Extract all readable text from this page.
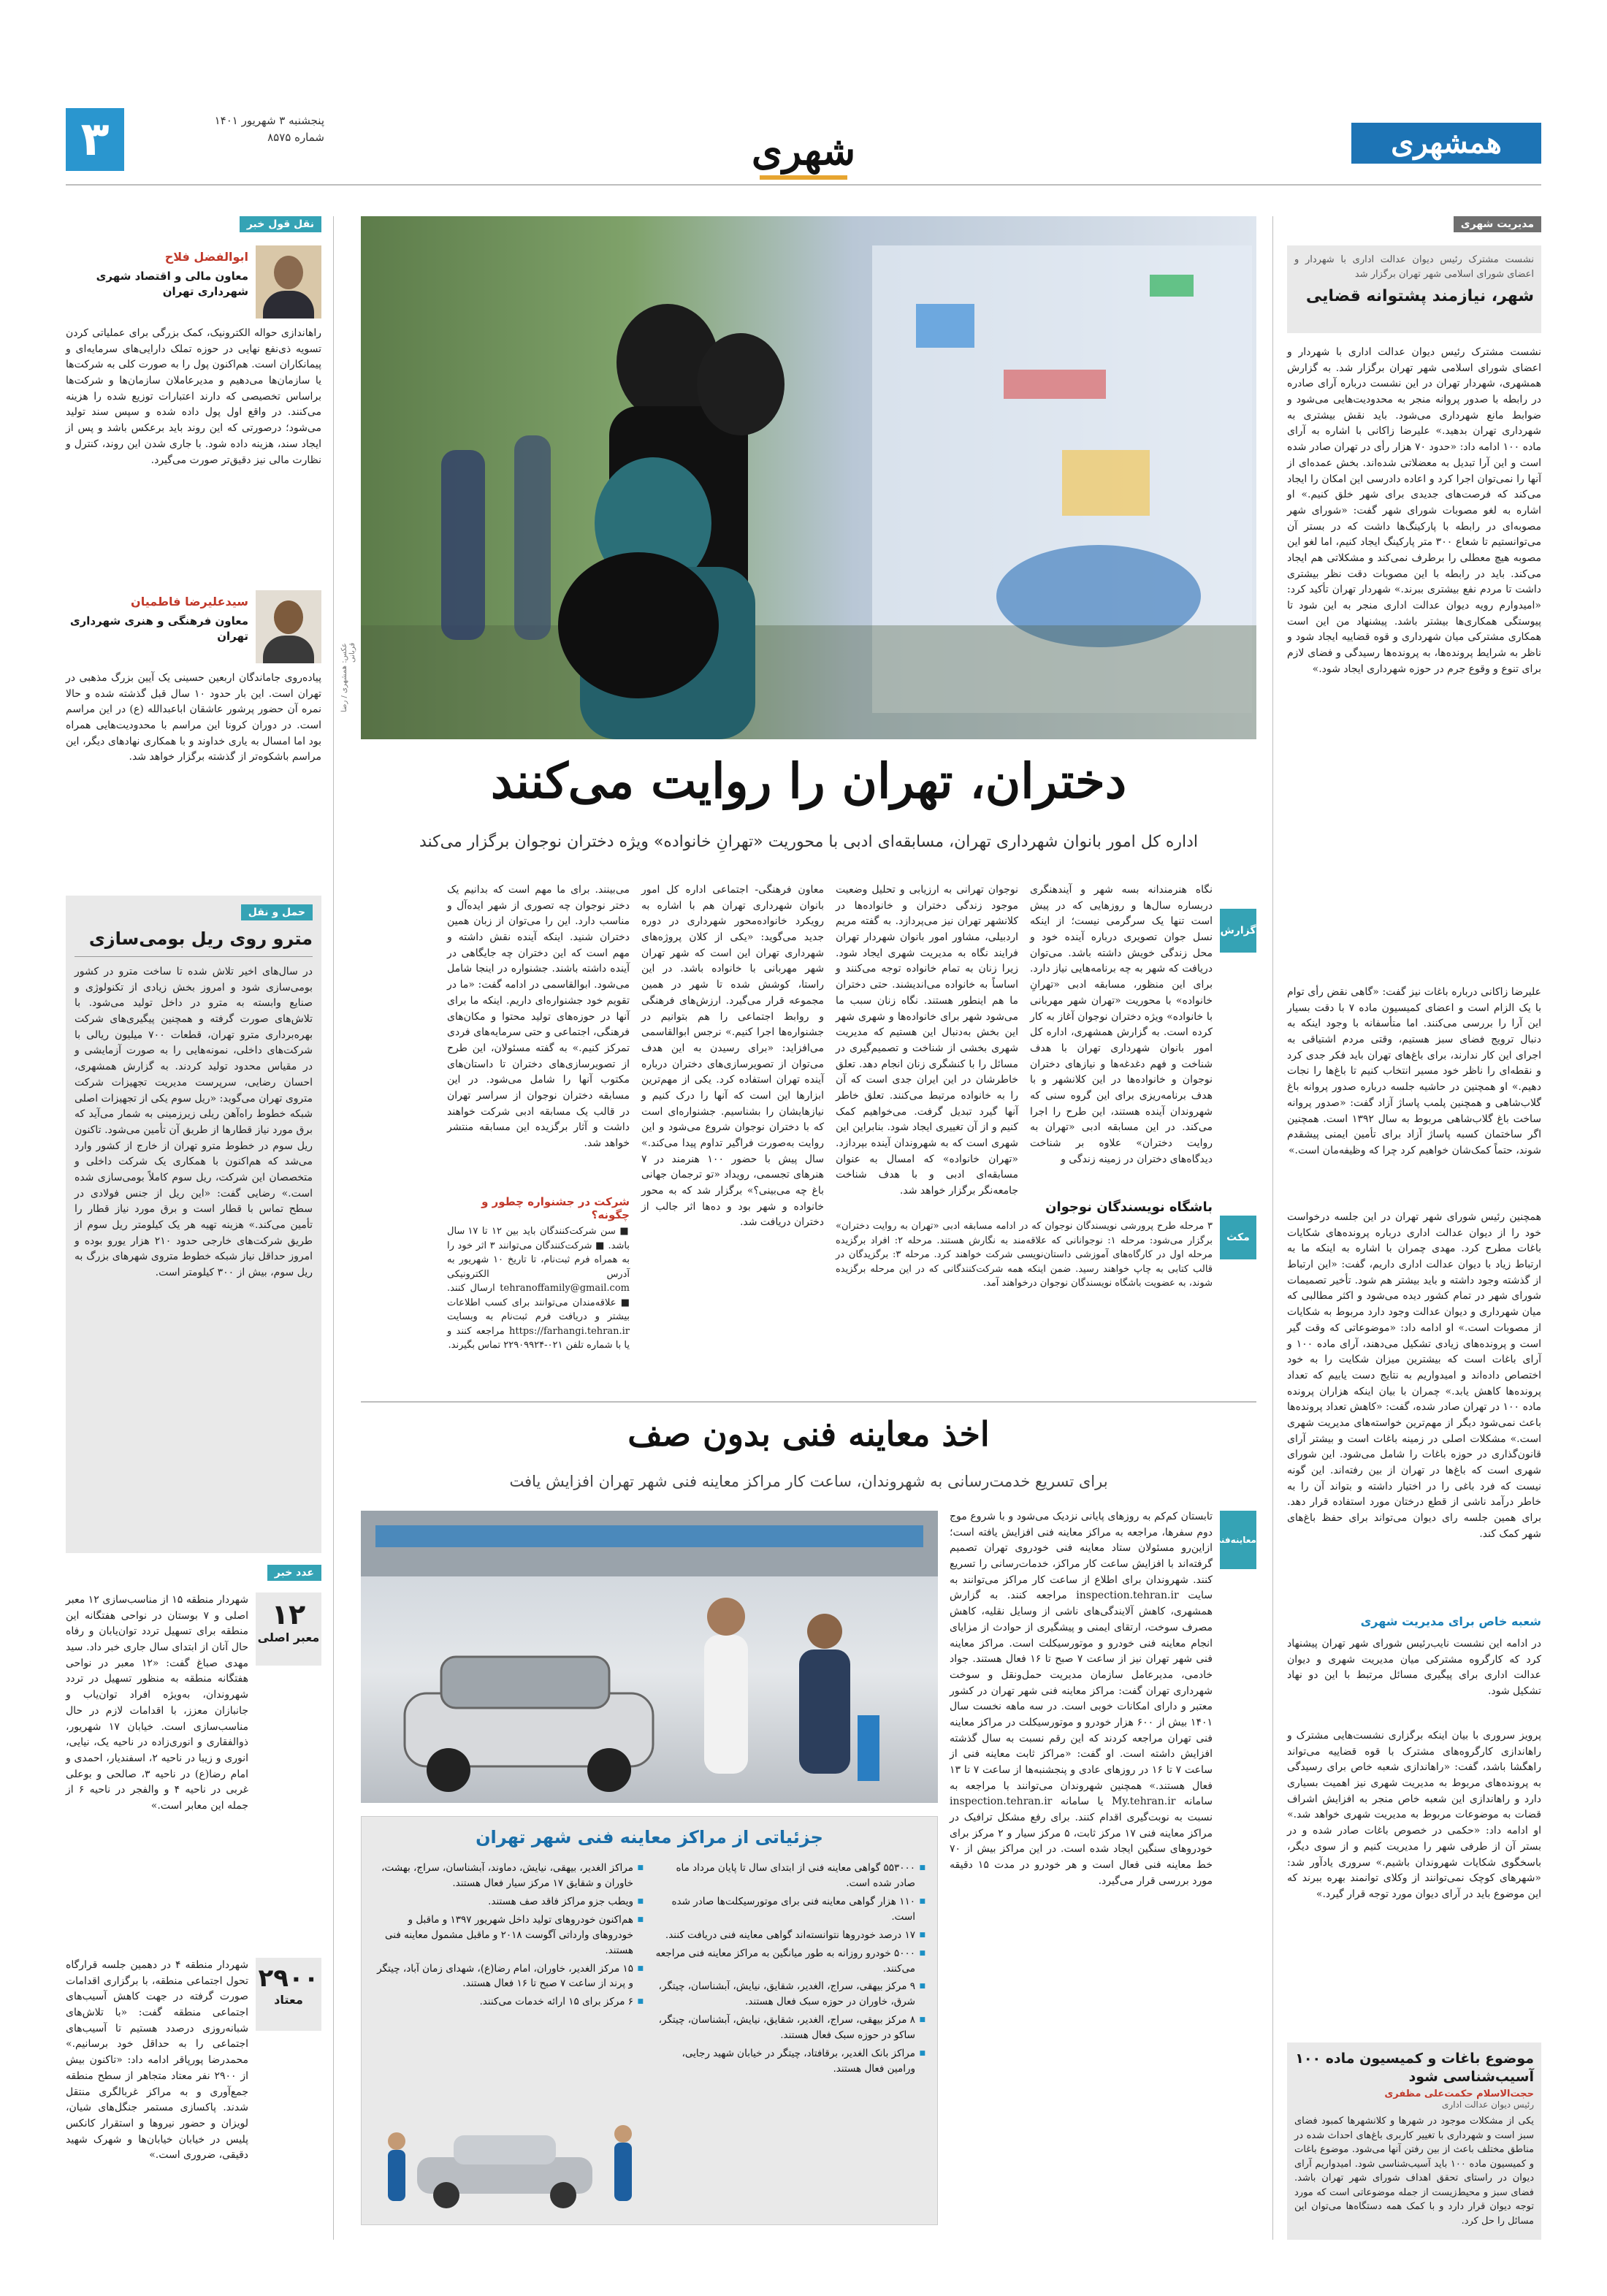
۳	پنجشنبه ۳ شهریور ۱۴۰۱
شماره ۸۵۷۵	شهری	همشهری
مدیریت شهری

نشست مشترک رئیس دیوان عدالت اداری با شهردار و اعضای شورای اسلامی شهر تهران برگزار شد

شهر، نیازمند پشتوانه قضایی

نشست مشترک رئیس دیوان عدالت اداری با شهردار و اعضای شورای اسلامی شهر تهران برگزار شد. به گزارش همشهری، شهردار تهران در این نشست درباره آرای صادره در رابطه با صدور پروانه منجر به محدودیت‌هایی می‌شود و ضوابط مانع شهرداری می‌شود. باید نقش بیشتری به شهرداری تهران بدهید.» علیرضا زاکانی با اشاره به آرای ماده ۱۰۰ ادامه داد: «حدود ۷۰ هزار رأی در تهران صادر شده است و این آرا تبدیل به معضلاتی شده‌اند. بخش عمده‌ای از آنها را نمی‌توان اجرا کرد و اعاده دادرسی این امکان را ایجاد می‌کند که فرصت‌های جدیدی برای شهر خلق کنیم.» او اشاره به لغو مصوبات شورای شهر گفت: «شورای شهر مصوبه‌ای در رابطه با پارکینگ‌ها داشت که در بستر آن می‌توانستیم تا شعاع ۳۰۰ متر پارکینگ ایجاد کنیم، اما لغو این مصوبه هیچ معطلی را برطرف نمی‌کند و مشکلاتی هم ایجاد می‌کند. باید در رابطه با این مصوبات دقت نظر بیشتری داشت تا مردم نفع بیشتری ببرند.» شهردار تهران تأکید کرد: «امیدوارم رویه دیوان عدالت اداری منجر به این شود تا پیوستگی همکاری‌ها بیشتر باشد. پیشنهاد من این است همکاری مشترکی میان شهرداری و قوه قضاییه ایجاد شود و ناظر به شرایط پرونده‌ها، به پرونده‌ها رسیدگی و فضای لازم برای تنوع و وقوع جرم در حوزه شهرداری ایجاد شود.»

علیرضا زاکانی درباره باغات نیز گفت: «گاهی نقض رأی توام با یک الزام است و اعضای کمیسیون ماده ۷ با دقت بسیار این آرا را بررسی می‌کنند. اما متأسفانه با وجود اینکه به دنبال ترویج فضای سبز هستیم، وقتی مردم اشتیاقی به اجرای این کار ندارند، برای باغ‌های تهران باید فکر جدی کرد و نقطه‌ای را ناظر خود مسیر انتخاب کنیم تا باغ‌ها را نجات دهیم.» او همچنین در حاشیه جلسه درباره صدور پروانه باغ گلاب‌شاهی و همچنین پلمب پاساژ آزاد گفت: «صدور پروانه ساخت باغ گلاب‌شاهی مربوط به سال ۱۳۹۲ است. همچنین اگر ساختمان کسبه پاساژ آزاد برای تأمین ایمنی پیشقدم شوند، حتماً کمک‌شان خواهیم کرد چرا که وظیفه‌مان است.»

همچنین رئیس شورای شهر تهران در این جلسه درخواست خود را از دیوان عدالت اداری درباره پرونده‌های شکایات باغات مطرح کرد. مهدی چمران با اشاره به اینکه ما به ارتباط زیاد با دیوان عدالت اداری داریم، گفت: «این ارتباط از گذشته وجود داشته و باید بیشتر هم شود. تأخیر تصمیمات شورای شهر در تمام کشور دیده می‌شود و اکثر مطالبی که میان شهرداری و دیوان عدالت وجود دارد مربوط به شکایات از مصوبات است.» او ادامه داد: «موضوعاتی که وقت گیر است و پرونده‌های زیادی تشکیل می‌دهند، آرای ماده ۱۰۰ و آرای باغات است که بیشترین میزان شکایت را به خود اختصاص داده‌اند و امیدواریم به نتایج دست یابیم که تعداد پرونده‌ها کاهش یابد.» چمران با بیان اینکه هزاران پرونده ماده ۱۰۰ در تهران صادر شده، گفت: «کاهش تعداد پرونده‌ها باعث نمی‌شود دیگر از مهم‌ترین خواسته‌های مدیریت شهری است.» مشکلات اصلی در زمینه باغات است و بیشتر آرای قانون‌گذاری در حوزه باغات را شامل می‌شود. این شورای شهری است که باغ‌ها در تهران از بین رفته‌اند. این گونه نیست که فرد باغی را در اختیار داشته و بتواند آن را به خاطر درآمد ناشی از قطع درختان مورد استفاده قرار دهد. برای همین جلسه رای دیوان می‌تواند برای حفظ باغ‌های شهر کمک کند.

شعبه خاص برای مدیریت شهری

در ادامه این نشست نایب‌رئیس شورای شهر تهران پیشنهاد کرد که کارگروه مشترکی میان مدیریت شهری و دیوان عدالت اداری برای پیگیری مسائل مرتبط با این دو نهاد تشکیل شود.

پرویز سروری با بیان اینکه برگزاری نشست‌هایی مشترک و راهاندازی کارگروه‌های مشترک با قوه قضاییه می‌تواند راهگشا باشد، گفت: «راهاندازی شعبه خاص برای رسیدگی به پرونده‌های مربوط به مدیریت شهری نیز اهمیت بسیاری دارد و راهاندازی این شعبه خاص منجر به افزایش اشراف قضات به موضوعات مربوط به مدیریت شهری خواهد شد.» او ادامه داد: «حکمی در خصوص باغات صادر شده و در بستر آن از طرفی شهر را مدیریت کنیم و از سوی دیگر، باسخگوی شکایات شهروندان باشیم.» سروری یادآور شد: «شهرهای کوچک نمی‌توانند از وکلای توانمند بهره ببرند که این موضوع باید در آرای دیوان مورد توجه قرار گیرد.»

موضوع باغات و کمیسیون ماده ۱۰۰ آسیب‌شناسی شود
حجت‌الاسلام حکمت‌علی مظفری
رئیس دیوان عدالت اداری

یکی از مشکلات موجود در شهرها و کلانشهرها کمبود فضای سبز است و شهرداری با تغییر کاربری باغ‌های احداث شده در مناطق مختلف باعث از بین رفتن آنها می‌شود. موضوع باغات و کمیسیون ماده ۱۰۰ باید آسیب‌شناسی شود. امیدواریم آرای دیوان در راستای تحقق اهداف شورای شهر تهران باشد. فضای سبز و محیط‌زیست از جمله موضوعاتی است که مورد توجه دیوان قرار دارد و با کمک همه دستگاه‌ها می‌توان این مسائل را حل کرد.

نقل قول خبر
ابوالفضل فلاح
معاون مالی و اقتصاد شهری شهرداری تهران

راهاندازی حواله الکترونیک، کمک بزرگی برای عملیاتی کردن تسویه ذی‌نفع نهایی در حوزه تملک دارایی‌های سرمایه‌ای و پیمانکاران است. هم‌اکنون پول را به صورت کلی به شرکت‌ها یا سازمان‌ها می‌دهیم و مدیرعاملان سازمان‌ها و شرکت‌ها براساس تخصیصی که دارند اعتبارات توزیع شده را هزینه می‌کنند. در واقع اول پول داده شده و سپس سند تولید می‌شود؛ درصورتی که این روند باید برعکس باشد و پس از ایجاد سند، هزینه داده شود. با جاری شدن این روند، کنترل و نظارت مالی نیز دقیق‌تر صورت می‌گیرد.

سیدعلیرضا فاطمیان
معاون فرهنگی و هنری شهرداری تهران

پیاده‌روی جاماندگان اربعین حسینی یک آیین بزرگ مذهبی در تهران است. این بار حدود ۱۰ سال قبل گذشته شده و حالا نمره آن حضور پرشور عاشقان اباعبدالله (ع) در این مراسم است. در دوران کرونا این مراسم با محدودیت‌هایی همراه بود اما امسال به یاری خداوند و با همکاری نهادهای دیگر، این مراسم باشکوه‌تر از گذشته برگزار خواهد شد.

حمل و نقل
مترو روی ریل بومی‌سازی

در سال‌های اخیر تلاش شده تا ساخت مترو در کشور بومی‌سازی شود و امروز بخش زیادی از تکنولوژی و صنایع وابسته به مترو در داخل تولید می‌شود. با تلاش‌های صورت گرفته و همچنین پیگیری‌های شرکت بهره‌برداری مترو تهران، قطعات ۷۰۰ میلیون ریالی با شرکت‌های داخلی، نمونه‌هایی را به صورت آزمایشی و در مقیاس محدود تولید کردند. به گزارش همشهری، احسان رضایی، سرپرست مدیریت تجهیزات شرکت متروی تهران می‌گوید: «ریل سوم یکی از تجهیزات اصلی شبکه خطوط راه‌آهن ریلی زیرزمینی به شمار می‌آید که برق مورد نیاز قطارها از طریق آن تأمین می‌شود. تاکنون ریل سوم در خطوط مترو تهران از خارج از کشور وارد می‌شد که هم‌اکنون با همکاری یک شرکت داخلی و متخصصان این شرکت، ریل سوم کاملاً بومی‌سازی شده است.» رضایی گفت: «این ریل از جنس فولادی در سطح تماس با قطار است و برق مورد نیاز قطار را تأمین می‌کند.» هزینه تهیه هر یک کیلومتر ریل سوم از طریق شرکت‌های خارجی حدود ۲۱۰ هزار یورو بوده و امروز حداقل نیاز شبکه خطوط متروی شهرهای بزرگ به ریل سوم، بیش از ۳۰۰ کیلومتر است.

عدد خبر
۱۲
معبر اصلی

شهردار منطقه ۱۵ از مناسب‌سازی ۱۲ معبر اصلی و ۷ بوستان در نواحی هفتگانه این منطقه برای تسهیل تردد توان‌یابان و رفاه حال آنان از ابتدای سال جاری خبر داد. سید مهدی صباغ گفت: «۱۲ معبر در نواحی هفتگانه منطقه به منظور تسهیل در تردد شهروندان، به‌ویژه افراد توان‌یاب و جانبازان معزز، با اقدامات لازم در حال مناسب‌سازی است. خیابان ۱۷ شهریور، ذوالفقاری و انوری‌زاده در ناحیه یک، نیایی، انوری و زیبا در ناحیه ۲، اسفندیار، احمدی و امام رضا(ع) در ناحیه ۳، صالحی و بوعلی غربی در ناحیه ۴ و والفجر در ناحیه ۶ از جمله این معابر است.»

۲۹۰۰
معتاد

شهردار منطقه ۴ در دهمین جلسه قرارگاه تحول اجتماعی منطقه، با برگزاری اقدامات صورت گرفته در جهت کاهش آسیب‌های اجتماعی منطقه گفت: «با تلاش‌های شبانه‌روزی درصدد هستیم تا آسیب‌های اجتماعی را به حداقل خود برسانیم.» محمدرضا پورپاقر ادامه داد: «تاکنون بیش از ۲۹۰۰ نفر معتاد متجاهر از سطح منطقه جمع‌آوری و به مراکز غربالگری منتقل شدند. پاکسازی مستمر جنگل‌های شیان، لویزان و حضور نیروها و استقرار کانکس پلیس در خیابان خیابان‌ها و شهرک شهید دقیقی، ضروری است.»

عکس: همشهری / رضا قربانی
دختران، تهران را روایت می‌کنند
اداره کل امور بانوان شهرداری تهران، مسابقه‌ای ادبی با محوریت «تهرانِ خانواده» ویژه دختران نوجوان برگزار می‌کند
گزارش
مکث

نگاه هنرمندانه بسه شهر و آیندهنگری دربسار‌ه سال‌ها و روزهایی که در پیش است تنها یک سرگرمی نیست؛ از اینکه نسل جوان تصویری درباره آینده خود و محل زندگی خویش داشته باشد. می‌توان دریافت که شهر به چه برنامه‌هایی نیاز دارد. برای این منظور، مسابقه ادبی «تهرانِ خانواده» با محوریت «تهران شهر مهربانی با خانواده» ویژه دختران نوجوان آغاز به کار کرده است. به گزارش همشهری، اداره کل امور بانوان شهرداری تهران با هدف شناخت و فهم دغدغه‌ها و نیازهای دختران نوجوان و خانواده‌ها در این کلانشهر و با هدف برنامه‌ریزی برای این گروه سنی که شهروندان آینده هستند، این طرح را اجرا می‌کند. در این مسابقه ادبی «تهران به روایت دختران» علاوه بر شناخت دیدگاه‌های دختران در زمینه زندگی و

نوجوان تهرانی به ارزیابی و تحلیل وضعیت موجود زندگی دختران و خانواده‌ها در کلانشهر تهران نیز می‌پردازد. به گفته مریم اردبیلی، مشاور امور بانوان شهردار تهران فرایند نگاه به مدیریت شهری ایجاد شود. زیرا زنان به تمام خانواده توجه می‌کنند و اساساً به خانواده می‌اندیشند. حتی دختران ما هم اینطور هستند. نگاه زنان سبب ما می‌شود شهر برای خانواده‌ها و شهری شهر این بخش به‌دنبال این هستیم که مدیریت شهری بخشی از شناخت و تصمیم‌گیری در مسائل را با کنشگری زنان انجام دهد. تعلق خاطرشان در این ایران جدی است که آن را به خانواده مرتبط می‌کنند. تعلق خاطر آنها گیرد تبدیل گرفت. می‌خواهیم کمک کنیم و از آن تغییری ایجاد شود. بنابراین این شهری است که به شهروندان آینده بپردازد. «تهران خانواده» که امسال به عنوان مسابقه‌ای ادبی و با هدف شناخت جامعه‌نگر برگزار خواهد شد.

معاون فرهنگی- اجتماعی اداره کل امور بانوان شهرداری تهران هم با اشاره به رویکرد خانواده‌محور شهرداری در دوره جدید می‌گوید: «یکی از کلان پروژه‌های شهرداری تهران این است که شهر تهران شهر مهربانی با خانواده باشد. در این راستا، کوشش شده تا شهر در همین مجموعه قرار می‌گیرد. ارزش‌های فرهنگی و روابط اجتماعی را هم بتوانیم در جشنواره‌ها اجرا کنیم.» نرجس ابوالقاسمی می‌افزاید: «برای رسیدن به این هدف می‌توان از تصویرسازی‌های دختران درباره آینده تهران استفاده کرد. یکی از مهم‌ترین ابزارها این است که آنها را درک کنیم و نیازهایشان را بشناسیم. جشنواره‌ای است که با دختران نوجوان شروع می‌شود و این روایت به‌صورت فراگیر تداوم پیدا می‌کند.» سال پیش با حضور ۱۰۰ هنرمند در ۷ هنرهای تجسمی، رویداد «تو ترجمان جهانی باغ چه می‌بینی؟» برگزار شد که به محور خانواده و شهر بود و ده‌ها اثر جالب از دختران دریافت شد.

می‌بینند. برای ما مهم است که بدانیم یک دختر نوجوان چه تصوری از شهر ایده‌آل و مناسب دارد. این را می‌توان از زبان همین دختران شنید. اینکه آینده نقش داشته و مهم است که این دختران چه جایگاهی در آینده داشته باشند. جشنواره در اینجا شامل می‌شود. ابوالقاسمی در ادامه گفت: «ما در تقویم خود جشنواره‌ای داریم. اینکه ما برای آنها در حوزه‌های تولید محتوا و مکان‌های فرهنگی، اجتماعی و حتی سرمایه‌های فردی تمرکز کنیم.» به گفته مسئولان، این طرح از تصویرسازی‌های دختران تا داستان‌های مکتوب آنها را شامل می‌شود. در این مسابقه دختران نوجوان از سراسر تهران در قالب یک مسابقه ادبی شرکت خواهند داشت و آثار برگزیده این مسابقه منتشر خواهد شد.

باشگاه نویسندگان نوجوان

۳ مرحله طرح پرورشی نویسندگان نوجوان که در ادامه مسابقه ادبی «تهران به روایت دختران» برگزار می‌شود: مرحله ۱: نوجوانانی که علاقه‌مند به نگارش هستند. مرحله ۲: افراد برگزیده مرحله اول در کارگاه‌های آموزشی داستان‌نویسی شرکت خواهند کرد. مرحله ۳: برگزیدگان در قالب کتابی به چاپ خواهند رسید. ضمن اینکه همه شرکت‌کنندگانی که در این مرحله برگزیده شوند، به عضویت باشگاه نویسندگان نوجوان درخواهند آمد.

شرکت در جشنواره چطور و چگونه؟

■ سن شرکت‌کنندگان باید بین ۱۲ تا ۱۷ سال باشد. ■ شرکت‌کنندگان می‌توانند ۳ اثر خود را به همراه فرم ثبت‌نام، تا تاریخ ۱۰ شهریور به آدرس الکترونیکی tehranoffamily@gmail.com ارسال کنند. ■ علاقه‌مندان می‌توانند برای کسب اطلاعات بیشتر و دریافت فرم ثبت‌نام به وبسایت https://farhangi.tehran.ir مراجعه کنند و یا با شماره تلفن ۰۲۱-۲۲۹۰۹۹۲۴ تماس بگیرند.

اخذ معاینه فنی بدون صف
برای تسریع خدمت‌رسانی به شهروندان، ساعت کار مراکز معاینه فنی شهر تهران افزایش یافت
معاینه‌فنی

تابستان کم‌کم به روزهای پایانی نزدیک می‌شود و با شروع موج دوم سفرها، مراجعه به مراکز معاینه فنی افزایش یافته است؛ ازاین‌رو مسئولان ستاد معاینه فنی خودروی تهران تصمیم گرفته‌اند با افزایش ساعت کار مراکز، خدمات‌رسانی را تسریع کنند. شهروندان برای اطلاع از ساعت کار مراکز می‌توانند به سایت inspection.tehran.ir مراجعه کنند. به گزارش همشهری، کاهش آلایندگی‌های ناشی از وسایل نقلیه، کاهش مصرف سوخت، ارتقای ایمنی و پیشگیری از حوادث از مزایای انجام معاینه فنی خودرو و موتورسیکلت است. مراکز معاینه فنی شهر تهران نیز از ساعت ۷ صبح تا ۱۶ فعال هستند. جواد خادمی، مدیرعامل سازمان مدیریت حمل‌ونقل و سوخت شهرداری تهران گفت: مراکز معاینه فنی شهر تهران در کشور معتبر و دارای امکانات خوبی است. در سه ماهه نخست سال ۱۴۰۱ بیش از ۶۰۰ هزار خودرو و موتورسیکلت در مراکز معاینه فنی تهران مراجعه کردند که این رقم نسبت به سال گذشته افزایش داشته است. او گفت: «مراکز ثابت معاینه فنی از ساعت ۷ تا ۱۶ در روزهای عادی و پنجشنبه‌ها از ساعت ۷ تا ۱۳ فعال هستند.» همچنین شهروندان می‌توانند با مراجعه به سامانه My.tehran.ir یا سامانه inspection.tehran.ir نسبت به نوبت‌گیری اقدام کنند. برای رفع مشکل ترافیک در مراکز معاینه فنی ۱۷ مرکز ثابت، ۵ مرکز سیار و ۲ مرکز برای خودروهای سنگین ایجاد شده است. در این مراکز بیش از ۷۰ خط معاینه فنی فعال است و هر خودرو در مدت ۱۵ دقیقه مورد بررسی قرار می‌گیرد.

جزئیاتی از مراکز معاینه فنی شهر تهران
■ ۵۵۳۰۰۰ گواهی معاینه فنی از ابتدای سال تا پایان مرداد ماه صادر شده است.
■ ۱۱۰ هزار گواهی معاینه فنی برای موتورسیکلت‌ها صادر شده است.
■ ۱۷ درصد خودروها نتوانسته‌اند گواهی معاینه فنی دریافت کنند.
■ ۵۰۰۰ خودرو روزانه به طور میانگین به مراکز معاینه فنی مراجعه می‌کنند.
■ ۹ مرکز بیهقی، سراج، الغدیر، شقایق، نیایش، آبشناسان، چیتگر، شرق، خاوران در حوزه سبک فعال هستند.
■ ۸ مرکز بیهقی، سراج، الغدیر، شقایق، نیایش، آبشناسان، چیتگر، ساکو در حوزه سبک فعال هستند.
■ مراکز بانک الغدیر، برقافتاد، چیتگر در خیابان شهید رجایی، ورامین فعال هستند.
■ مراکز الغدیر، بیهقی، نیایش، دماوند، آبشناسان، سراج، بهشت، خاوران و شقایق ۱۷ مرکز سیار فعال هستند.
■ ویطب جزو مراکز فاقد صف هستند.
■ هم‌اکنون خودروهای تولید داخل شهریور ۱۳۹۷ و ماقبل و خودروهای وارداتی آگوست ۲۰۱۸ و ماقبل مشمول معاینه فنی هستند.
■ ۱۵ مرکز الغدیر، خاوران، امام رضا(ع)، شهدای زمان آباد، چیتگر و پرند از ساعت ۷ صبح تا ۱۶ فعال هستند.
■ ۶ مرکز برای ۱۵ ارائه خدمات می‌کنند.
